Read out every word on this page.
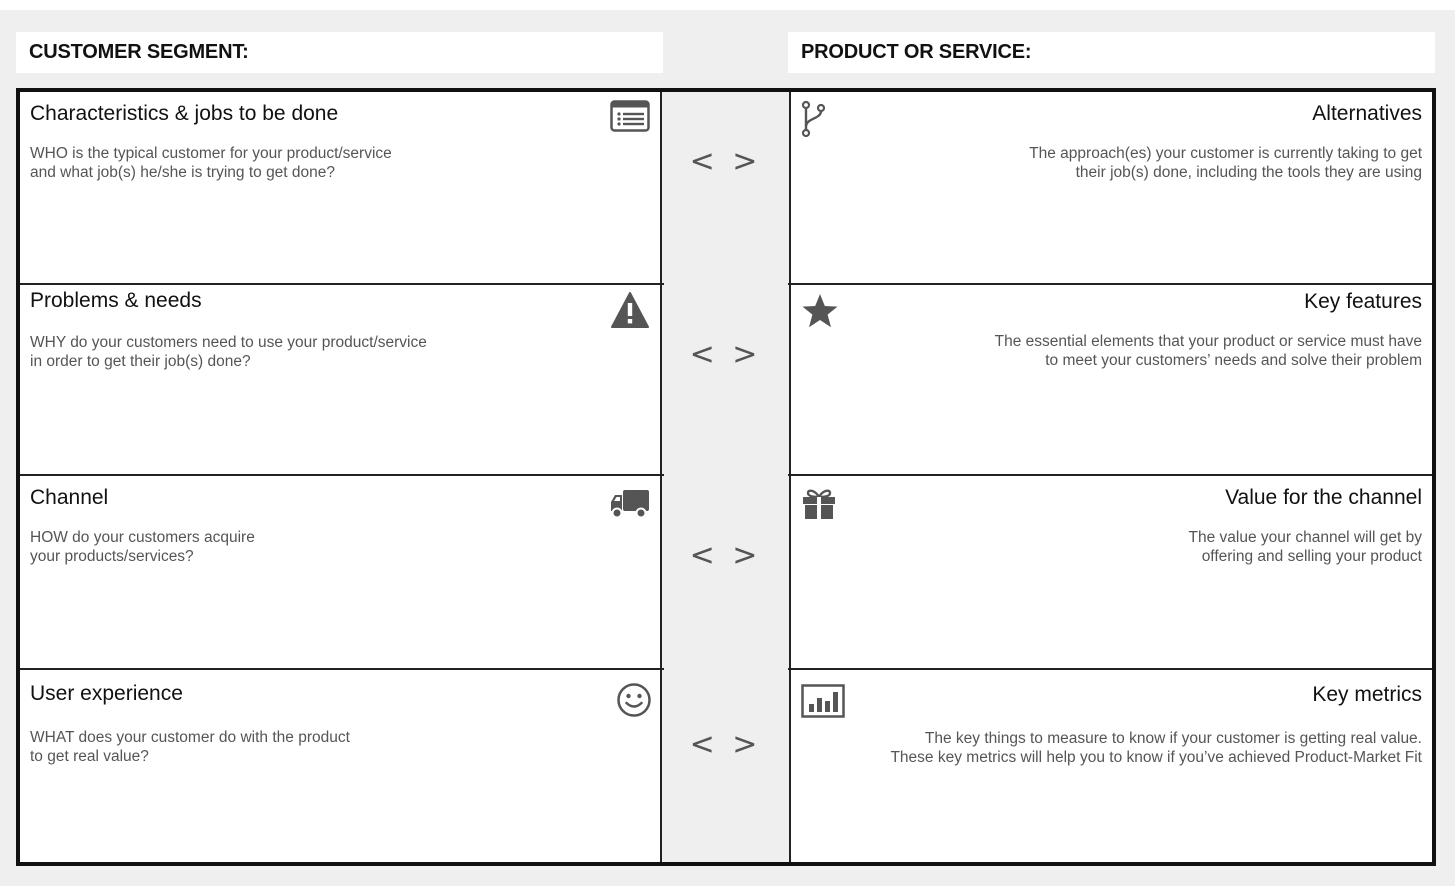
CUSTOMER SEGMENT:	PRODUCT OR SERVICE:
Characteristics & jobs to be done
WHO is the typical customer for your product/service
and what job(s) he/she is trying to get done?
Problems & needs
WHY do your customers need to use your product/service
in order to get their job(s) done?
Channel
HOW do your customers acquire
your products/services?
User experience
WHAT does your customer do with the product
to get real value?
Alternatives
The approach(es) your customer is currently taking to get
their job(s) done, including the tools they are using
Key features
The essential elements that your product or service must have
to meet your customers’ needs and solve their problem
Value for the channel
The value your channel will get by
offering and selling your product
Key metrics
The key things to measure to know if your customer is getting real value.
These key metrics will help you to know if you’ve achieved Product-Market Fit
< >
< >
< >
< >
